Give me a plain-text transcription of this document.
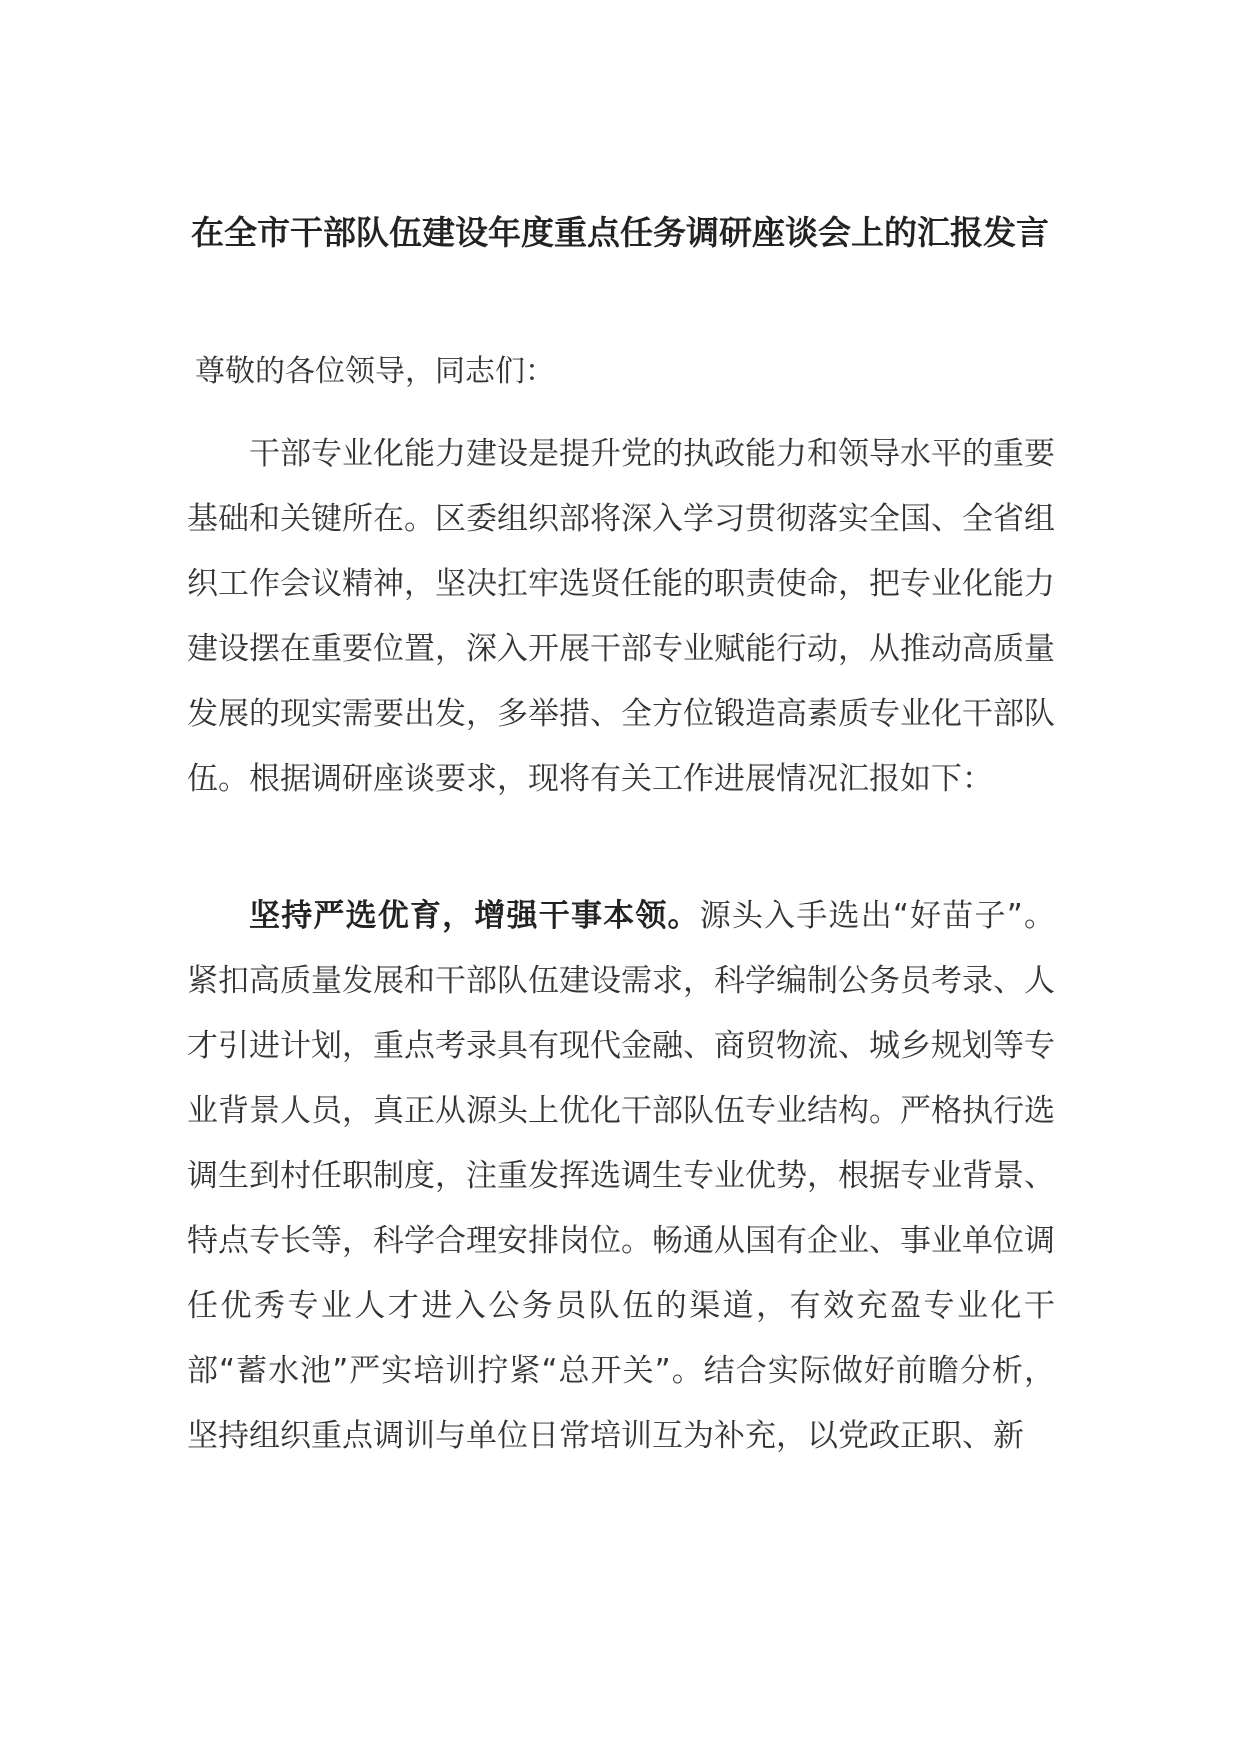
在全市干部队伍建设年度重点任务调研座谈会上的汇报发言

尊敬的各位领导，同志们：

干部专业化能力建设是提升党的执政能力和领导水平的重要基础和关键所在。区委组织部将深入学习贯彻落实全国、全省组织工作会议精神，坚决扛牢选贤任能的职责使命，把专业化能力建设摆在重要位置，深入开展干部专业赋能行动，从推动高质量发展的现实需要出发，多举措、全方位锻造高素质专业化干部队伍。根据调研座谈要求，现将有关工作进展情况汇报如下：

坚持严选优育，增强干事本领。源头入手选出“好苗子”。紧扣高质量发展和干部队伍建设需求，科学编制公务员考录、人才引进计划，重点考录具有现代金融、商贸物流、城乡规划等专业背景人员，真正从源头上优化干部队伍专业结构。严格执行选调生到村任职制度，注重发挥选调生专业优势，根据专业背景、特点专长等，科学合理安排岗位。畅通从国有企业、事业单位调任优秀专业人才进入公务员队伍的渠道，有效充盈专业化干部“蓄水池”严实培训拧紧“总开关”。结合实际做好前瞻分析，坚持组织重点调训与单位日常培训互为补充，以党政正职、新
